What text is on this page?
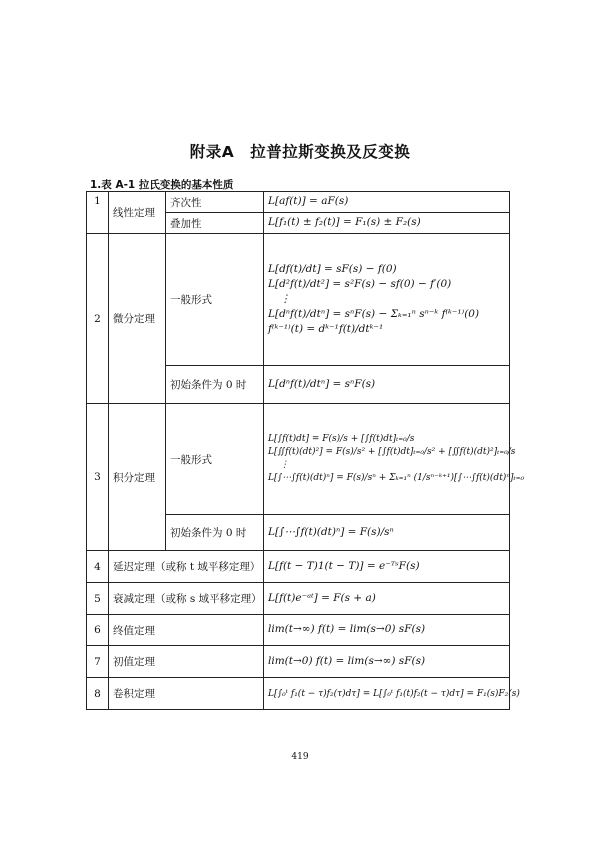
附录A　拉普拉斯变换及反变换
1.表 A-1 拉氏变换的基本性质
1	线性定理	齐次性	L[af(t)] = aF(s)
		叠加性	L[f₁(t) ± f₂(t)] = F₁(s) ± F₂(s)
2	微分定理	一般形式	L[df(t)/dt] = sF(s) − f(0)
L[d²f(t)/dt²] = s²F(s) − sf(0) − f′(0)
⋮
L[dⁿf(t)/dtⁿ] = sⁿF(s) − Σₖ₌₁ⁿ sⁿ⁻ᵏ f⁽ᵏ⁻¹⁾(0)
f⁽ᵏ⁻¹⁾(t) = dᵏ⁻¹f(t)/dtᵏ⁻¹

		初始条件为 0 时	L[dⁿf(t)/dtⁿ] = sⁿF(s)
3	积分定理	一般形式	L[∫f(t)dt] = F(s)/s + [∫f(t)dt]ₜ₌₀/s
L[∬f(t)(dt)²] = F(s)/s² + [∫f(t)dt]ₜ₌₀/s² + [∬f(t)(dt)²]ₜ₌₀/s
⋮
L[∫⋯∫f(t)(dt)ⁿ] = F(s)/sⁿ + Σₖ₌₁ⁿ (1/sⁿ⁻ᵏ⁺¹)[∫⋯∫f(t)(dt)ⁿ]ₜ₌₀

		初始条件为 0 时	L[∫⋯∫f(t)(dt)ⁿ] = F(s)/sⁿ
4	延迟定理（或称 t 域平移定理）		L[f(t − T)1(t − T)] = e⁻ᵀˢF(s)
5	衰减定理（或称 s 域平移定理）		L[f(t)e⁻ᵃᵗ] = F(s + a)
6	终值定理		lim(t→∞) f(t) = lim(s→0) sF(s)
7	初值定理		lim(t→0) f(t) = lim(s→∞) sF(s)
8	卷积定理		L[∫₀ᵗ f₁(t − τ)f₂(τ)dτ] = L[∫₀ᵗ f₁(t)f₂(t − τ)dτ] = F₁(s)F₂(s)
419
